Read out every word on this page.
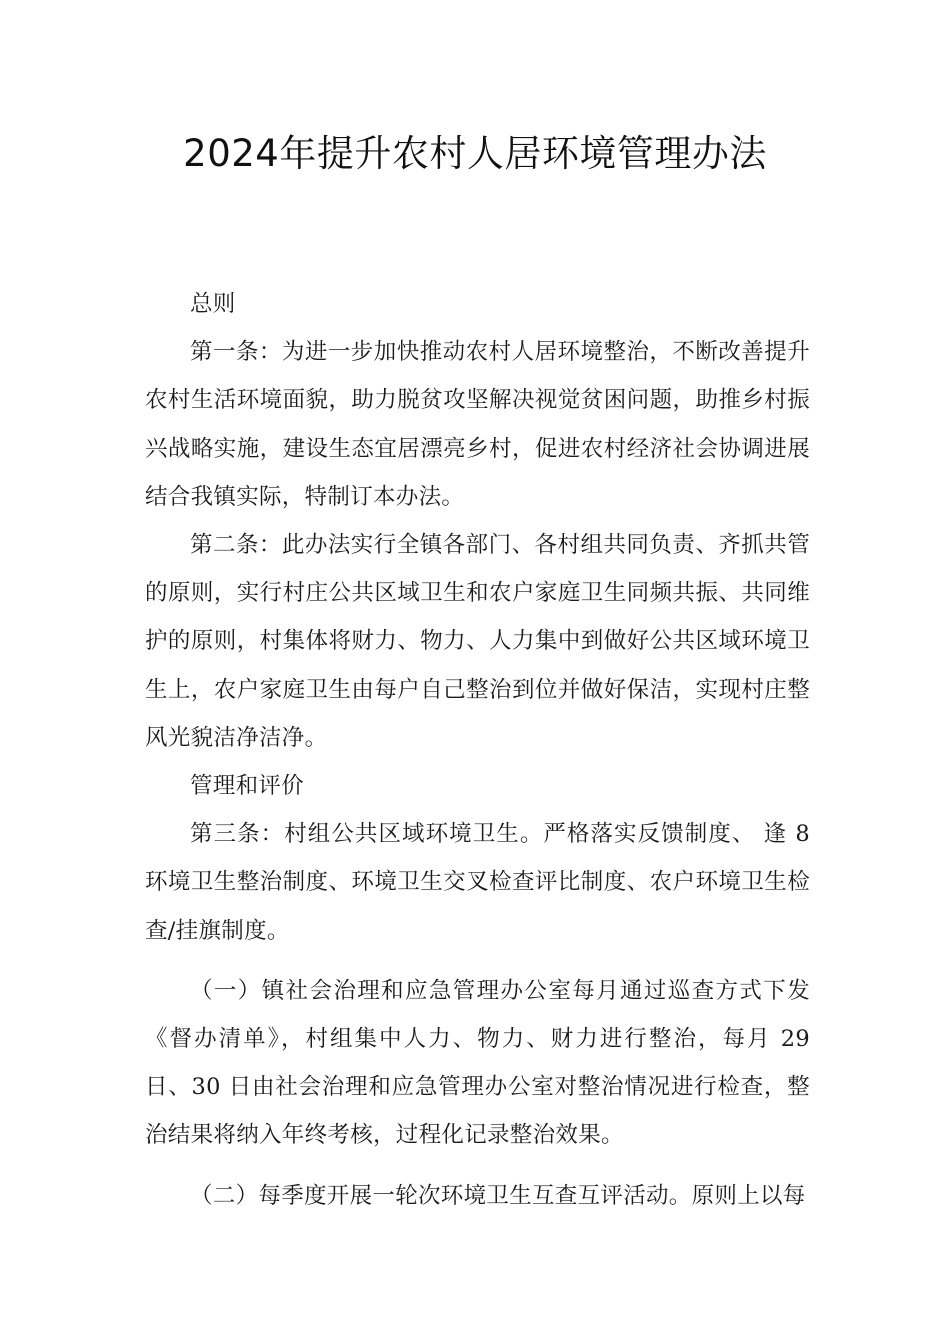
2024年提升农村人居环境管理办法

总则

第一条：为进一步加快推动农村人居环境整治，不断改善提升农村生活环境面貌，助力脱贫攻坚解决视觉贫困问题，助推乡村振兴战略实施，建设生态宜居漂亮乡村，促进农村经济社会协调进展结合我镇实际，特制订本办法。

第二条：此办法实行全镇各部门、各村组共同负责、齐抓共管的原则，实行村庄公共区域卫生和农户家庭卫生同频共振、共同维护的原则，村集体将财力、物力、人力集中到做好公共区域环境卫生上，农户家庭卫生由每户自己整治到位并做好保洁，实现村庄整风光貌洁净洁净。

管理和评价

第三条：村组公共区域环境卫生。严格落实反馈制度、 逢 8 环境卫生整治制度、环境卫生交叉检查评比制度、农户环境卫生检查/挂旗制度。

（一）镇社会治理和应急管理办公室每月通过巡查方式下发《督办清单》，村组集中人力、物力、财力进行整治，每月 29 日、30 日由社会治理和应急管理办公室对整治情况进行检查，整治结果将纳入年终考核，过程化记录整治效果。

（二）每季度开展一轮次环境卫生互查互评活动。原则上以每
